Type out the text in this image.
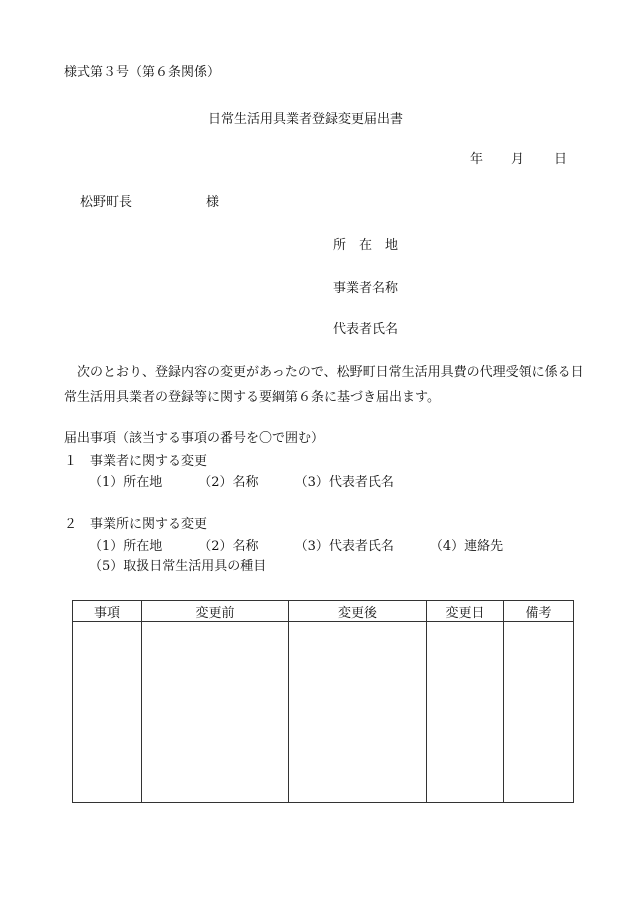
様式第３号（第６条関係）
日常生活用具業者登録変更届出書
年 月 日
松野町長	様
所　在　地
事業者名称
代表者氏名
次のとおり、登録内容の変更があったので、松野町日常生活用具費の代理受領に係る日常生活用具業者の登録等に関する要綱第６条に基づき届出ます。
届出事項（該当する事項の番号を〇で囲む）
１　事業者に関する変更
（1）所在地	（2）名称	（3）代表者氏名
２　事業所に関する変更
（1）所在地	（2）名称	（3）代表者氏名	（4）連絡先
（5）取扱日常生活用具の種目
事項	変更前	変更後	変更日	備考
